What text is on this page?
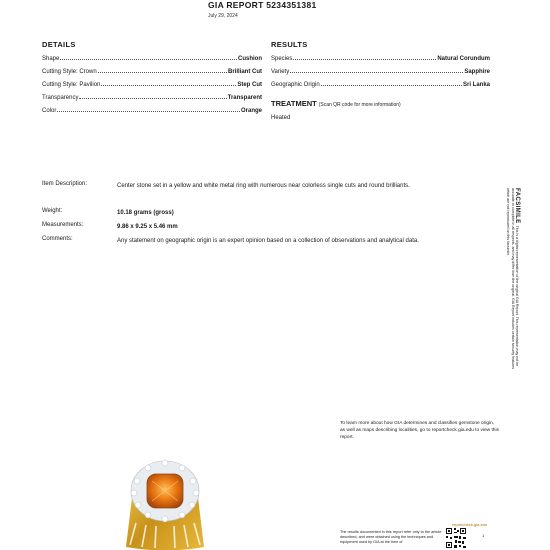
GIA REPORT 5234351381
July 29, 2024
DETAILS
Shape	Cushion
Cutting Style: Crown	Brilliant Cut
Cutting Style: Pavilion	Step Cut
Transparency	Transparent
Color	Orange
RESULTS
Species	Natural Corundum
Variety	Sapphire
Geographic Origin	Sri Lanka
TREATMENT (Scan QR code for more information)
Heated
Item Description:	Center stone set in a yellow and white metal ring with numerous near colorless single cuts and round brilliants.
Weight:	10.18 grams (gross)
Measurements:	9.86 x 9.25 x 5.46 mm
Comments:	Any statement on geographic origin is an expert opinion based on a collection of observations and analytical data.
FACSIMILEThis is a digital representation of the original GIA Report. This representation may not be accurate or complete in all respects, and may differ from the original. GIA Report includes certain security features which are not reproduced on this facsimile.
To learn more about how GIA determines and classifies gemstone origin, as well as maps describing localities, go to reportcheck.gia.edu to view this report.
reportcheck.gia.edu
The results documented in this report refer only to the article described, and were obtained using the techniques and equipment used by GIA at the time of
1
